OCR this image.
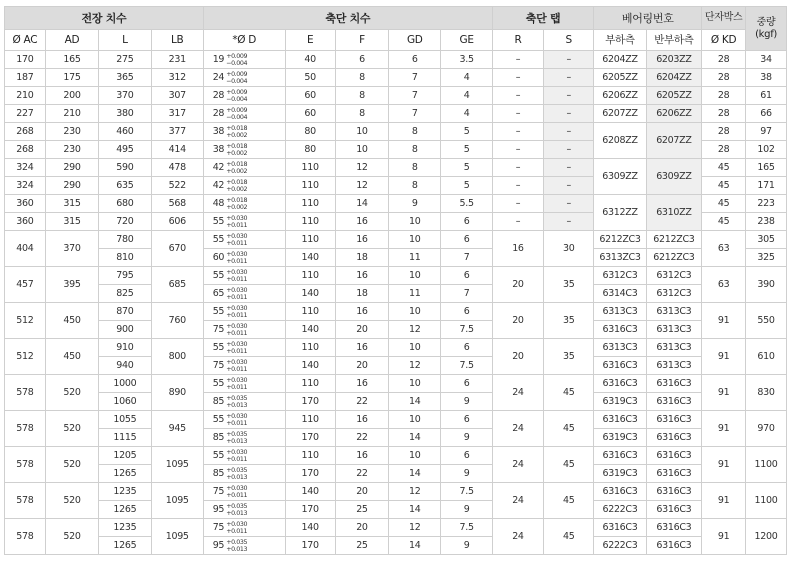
전장 치수				축단 치수					축단 탭		베어링번호		단자박스	중량
(kgf)
Ø AC	AD	L	LB	*Ø D	E	F	GD	GE	R	S	부하측	반부하측	Ø KD	
170	165	275	231	19 +0.009
−0.004	40	6	6	3.5	–	–	6204ZZ	6203ZZ	28	34
187	175	365	312	24 +0.009
−0.004	50	8	7	4	–	–	6205ZZ	6204ZZ	28	38
210	200	370	307	28 +0.009
−0.004	60	8	7	4	–	–	6206ZZ	6205ZZ	28	61
227	210	380	317	28 +0.009
−0.004	60	8	7	4	–	–	6207ZZ	6206ZZ	28	66
268	230	460	377	38 +0.018
+0.002	80	10	8	5	–	–	6208ZZ	6207ZZ	28	97
268	230	495	414	38 +0.018
+0.002	80	10	8	5	–	–			28	102
324	290	590	478	42 +0.018
+0.002	110	12	8	5	–	–	6309ZZ	6309ZZ	45	165
324	290	635	522	42 +0.018
+0.002	110	12	8	5	–	–			45	171
360	315	680	568	48 +0.018
+0.002	110	14	9	5.5	–	–	6312ZZ	6310ZZ	45	223
360	315	720	606	55 +0.030
+0.011	110	16	10	6	–	–			45	238
404	370	780	670	55 +0.030
+0.011	110	16	10	6	16	30	6212ZC3	6212ZC3	63	305
		810		60 +0.030
+0.011	140	18	11	7			6313ZC3	6212ZC3		325
457	395	795	685	55 +0.030
+0.011	110	16	10	6	20	35	6312C3	6312C3	63	390
		825		65 +0.030
+0.011	140	18	11	7			6314C3	6312C3		
512	450	870	760	55 +0.030
+0.011	110	16	10	6	20	35	6313C3	6313C3	91	550
		900		75 +0.030
+0.011	140	20	12	7.5			6316C3	6313C3		
512	450	910	800	55 +0.030
+0.011	110	16	10	6	20	35	6313C3	6313C3	91	610
		940		75 +0.030
+0.011	140	20	12	7.5			6316C3	6313C3		
578	520	1000	890	55 +0.030
+0.011	110	16	10	6	24	45	6316C3	6316C3	91	830
		1060		85 +0.035
+0.013	170	22	14	9			6319C3	6316C3		
578	520	1055	945	55 +0.030
+0.011	110	16	10	6	24	45	6316C3	6316C3	91	970
		1115		85 +0.035
+0.013	170	22	14	9			6319C3	6316C3		
578	520	1205	1095	55 +0.030
+0.011	110	16	10	6	24	45	6316C3	6316C3	91	1100
		1265		85 +0.035
+0.013	170	22	14	9			6319C3	6316C3		
578	520	1235	1095	75 +0.030
+0.011	140	20	12	7.5	24	45	6316C3	6316C3	91	1100
		1265		95 +0.035
+0.013	170	25	14	9			6222C3	6316C3		
578	520	1235	1095	75 +0.030
+0.011	140	20	12	7.5	24	45	6316C3	6316C3	91	1200
		1265		95 +0.035
+0.013	170	25	14	9			6222C3	6316C3		
